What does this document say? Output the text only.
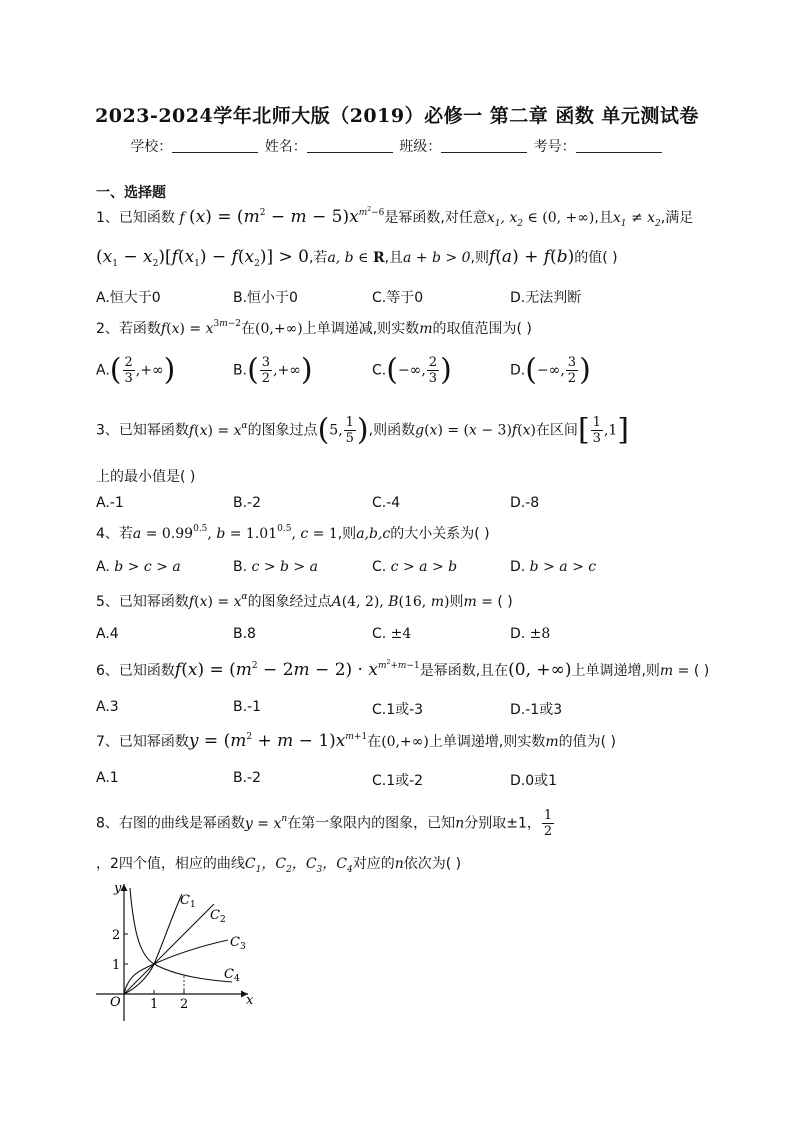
2023-2024学年北师大版（2019）必修一 第二章 函数 单元测试卷
学校：	姓名：	班级：	考号：
一、选择题
1、已知函数 f $(x) = (m^2 - m - 5)x^{m^2-6}$是幂函数,对任意$x_1$, $x_2$ ∈ (0, +∞),且$x_1 \ne x_2$,满足
$(x_1 - x_2)[f(x_1) - f(x_2)] > 0$,若a, b ∈ R,且a + b > 0,则f(a) + f(b)的值( )
A.恒大于0	B.恒小于0	C.等于0	D.无法判断
2、若函数$f(x) = x^{3m-2}$在(0,+∞)上单调递减,则实数m的取值范围为( )
$A.( \frac{2}{3}$ ,+∞)	$B.( \frac{3}{2}$ ,+∞)	C.(−∞, $\frac{2}{3}$ )	D.(−∞, $\frac{3}{2}$ )
3、已知幂函数$f(x) = x^\alpha$的图象过点(5, $\frac{1}{5}$ ),则函数g(x) = (x − 3)f(x)在区间[ $\frac{1}{3} ,1$]
上的最小值是( )
A.-1	B.-2	C.-4	D.-8
4、若$a = 0.99^{0.5}$, $b = 1.01^{0.5}$, c = 1,则a,b,c的大小关系为( )
A. b > c > a	B. c > b > a	C. c > a > b	D. b > a > c
5、已知幂函数$f(x) = x^\alpha$的图象经过点A(4, 2), B(16, m)则m = ( )
A.4	B.8	C. ±4	D. ±8
6、已知函数$f(x) = (m^2 - 2m - 2) \cdot x^{m^2+m-1}$是幂函数,且在(0, +∞)上单调递增,则m = ( )
A.3	B.-1	C.1或-3	D.-1或3
7、已知幂函数$y = (m^2 + m - 1)x^{m+1}$在(0,+∞)上单调递增,则实数m的值为( )
A.1	B.-2	C.1或-2	D.0或1
8、右图的曲线是幂函数$y = x^n$在第一象限内的图象，已知n分别取±1， $\frac{1}{2}$
，2四个值，相应的曲线$C_1$，$C_2$，$C_3$，$C_4$对应的n依次为( )
y
x
O 1 2
1
2
$C_1$
$C_2$
$C_3$
$C_4$
